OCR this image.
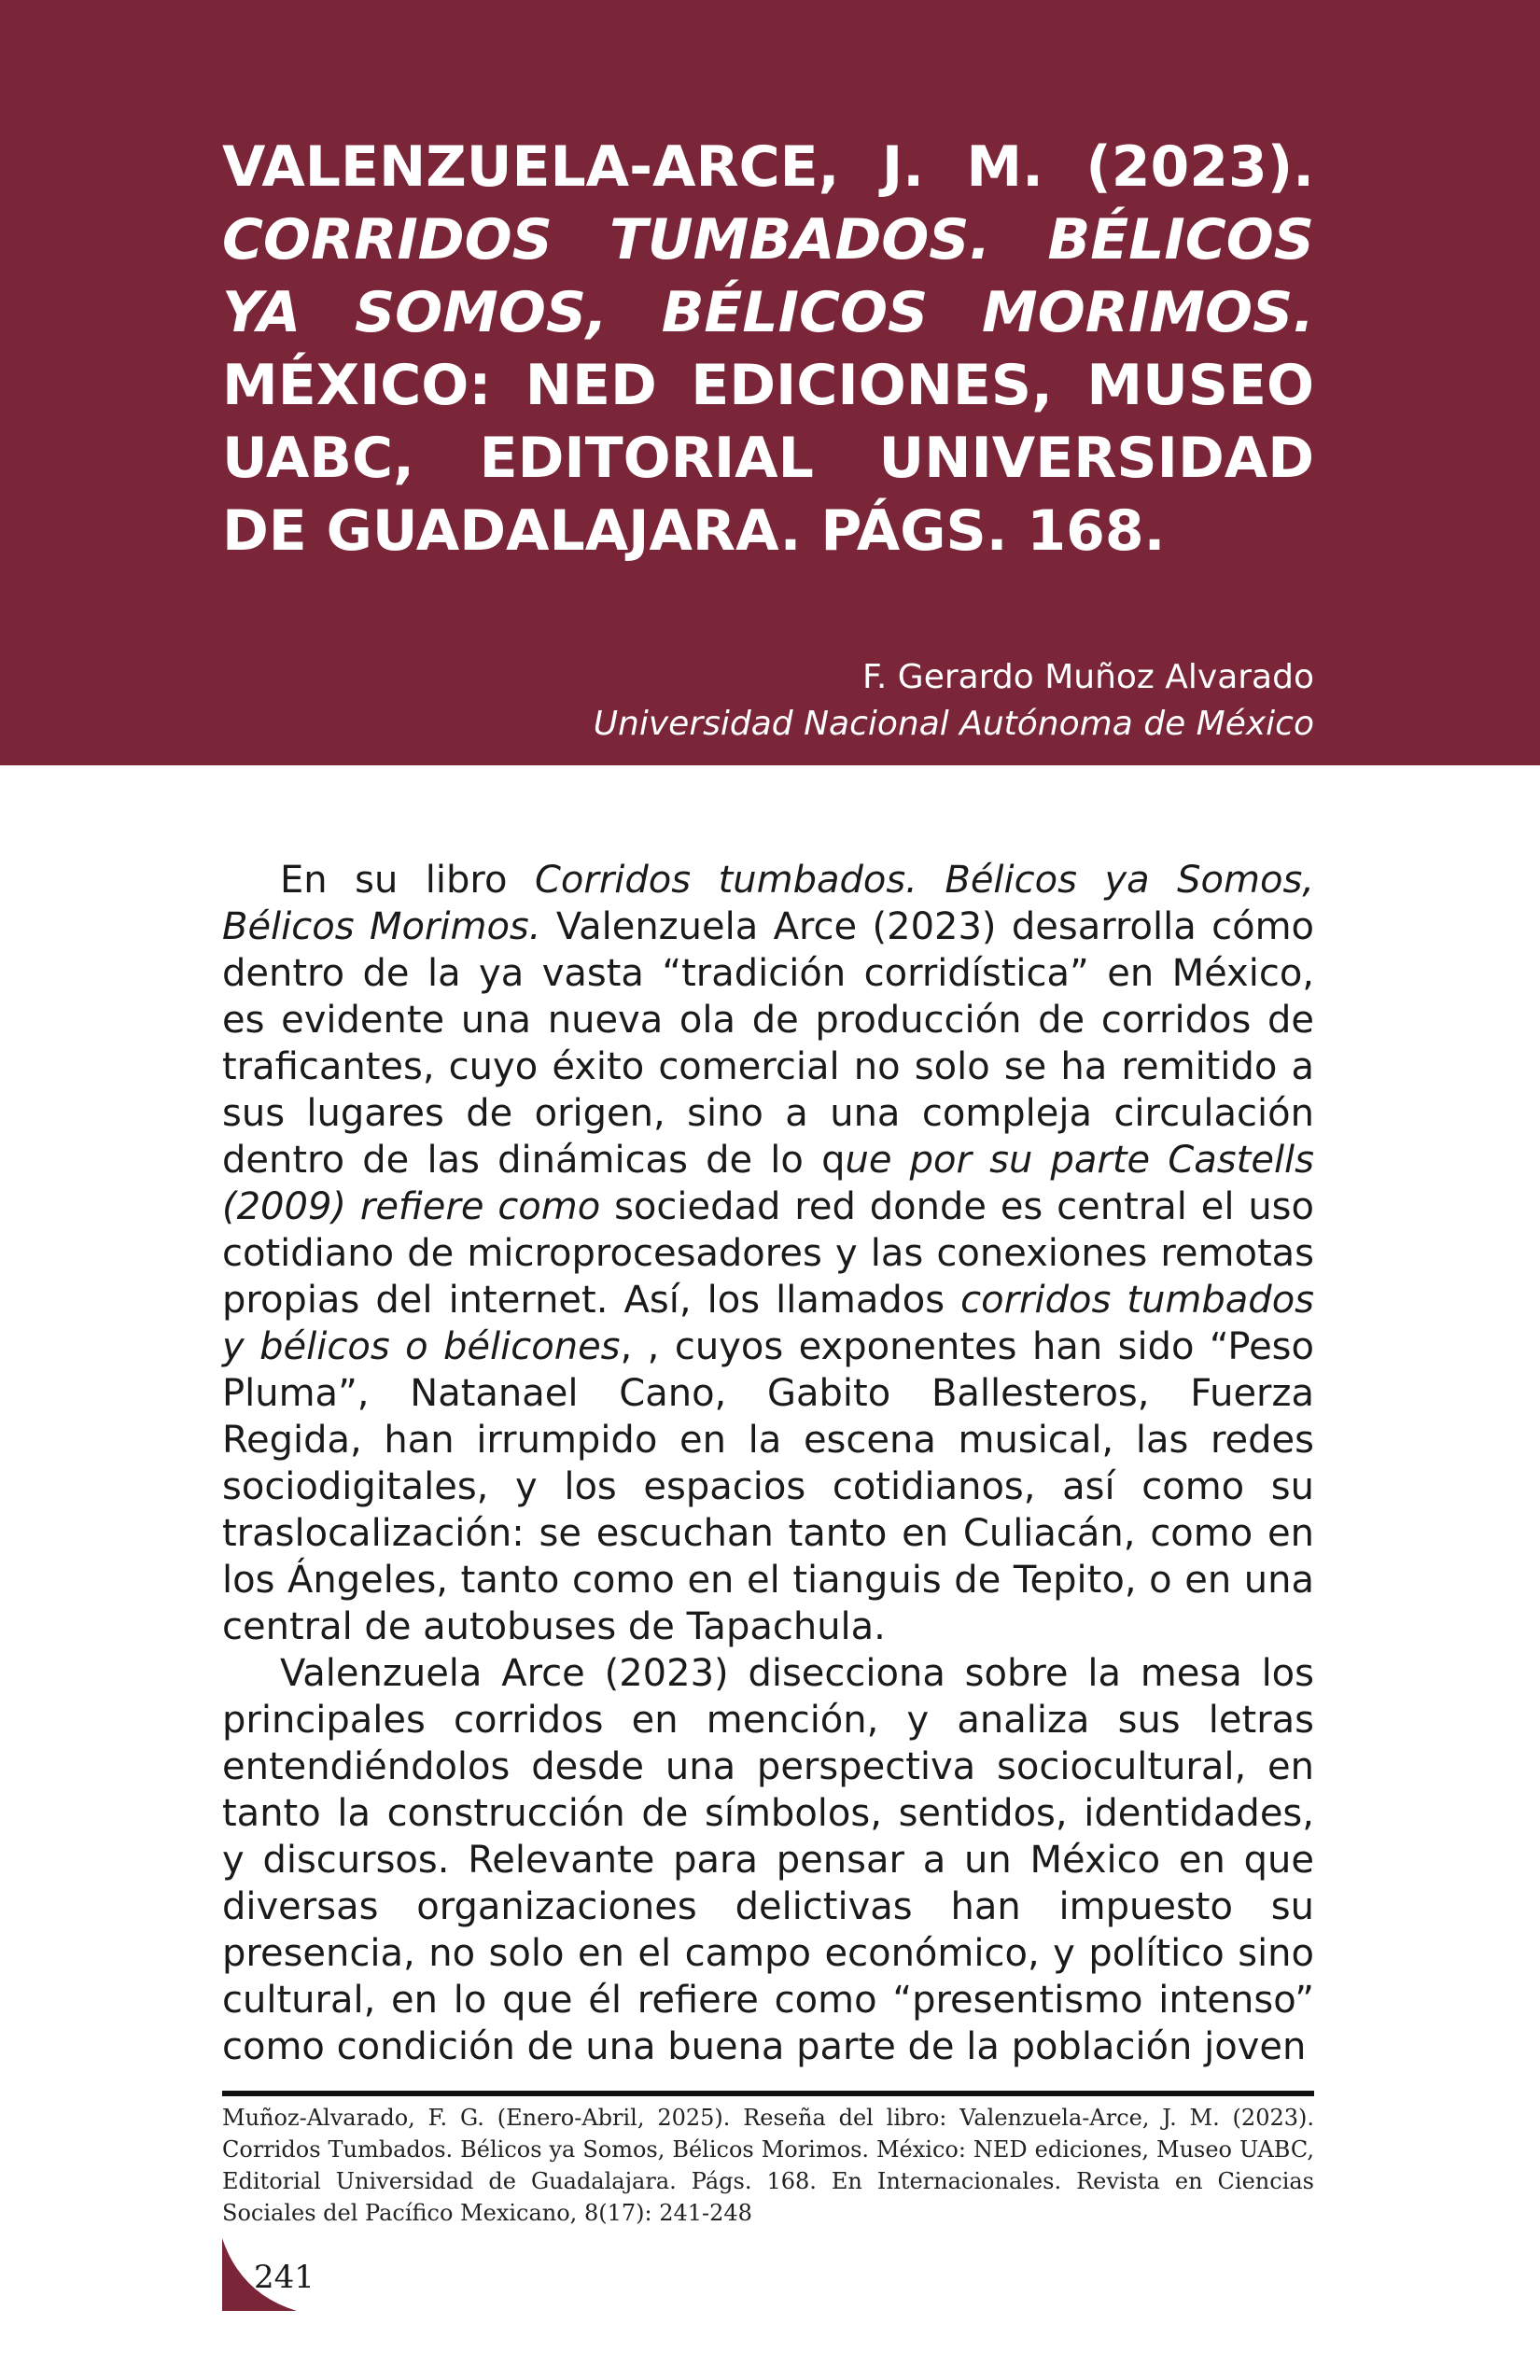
VALENZUELA-ARCE, J. M. (2023). CORRIDOS TUMBADOS. BÉLICOS YA SOMOS, BÉLICOS MORIMOS. MÉXICO: NED EDICIONES, MUSEO UABC, EDITORIAL UNIVERSIDAD DE GUADALAJARA. PÁGS. 168.
F. Gerardo Muñoz Alvarado
Universidad Nacional Autónoma de México

En su libro Corridos tumbados. Bélicos ya Somos, Bélicos Morimos. Valenzuela Arce (2023) desarrolla cómo dentro de la ya vasta “tradición corridística” en México, es evidente una nueva ola de producción de corridos de traficantes, cuyo éxito comercial no solo se ha remitido a sus lugares de origen, sino a una compleja circulación dentro de las dinámicas de lo que por su parte Castells (2009) refiere como sociedad red donde es central el uso cotidiano de microprocesadores y las conexiones remotas propias del internet. Así, los llamados corridos tumbados y bélicos o bélicones, , cuyos exponentes han sido “Peso Pluma”, Natanael Cano, Gabito Ballesteros, Fuerza Regida, han irrumpido en la escena musical, las redes sociodigitales, y los espacios cotidianos, así como su traslocalización: se escuchan tanto en Culiacán, como en los Ángeles, tanto como en el tianguis de Tepito, o en una central de autobuses de Tapachula.

Valenzuela Arce (2023) disecciona sobre la mesa los principales corridos en mención, y analiza sus letras entendiéndolos desde una perspectiva sociocultural, en tanto la construcción de símbolos, sentidos, identidades, y discursos. Relevante para pensar a un México en que diversas organizaciones delictivas han impuesto su presencia, no solo en el campo económico, y político sino cultural, en lo que él refiere como “presentismo intenso” como condición de una buena parte de la población joven

Muñoz-Alvarado, F. G. (Enero-Abril, 2025). Reseña del libro: Valenzuela-Arce, J. M. (2023). Corridos Tumbados. Bélicos ya Somos, Bélicos Morimos. México: NED ediciones, Museo UABC, Editorial Universidad de Guadalajara. Págs. 168. En Internacionales. Revista en Ciencias Sociales del Pacífico Mexicano, 8(17): 241-248

241
